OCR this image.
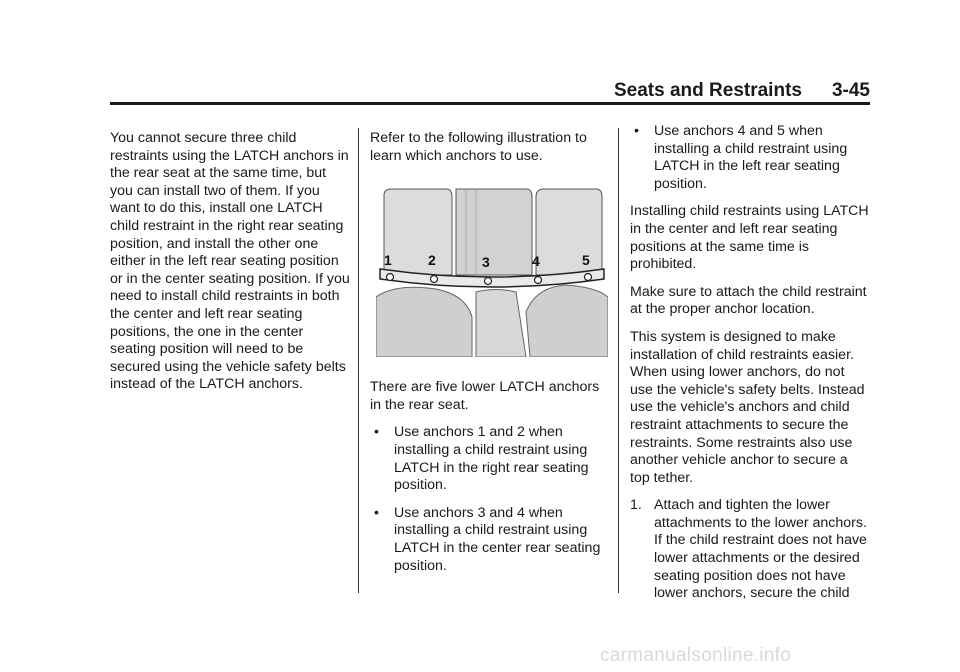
Seats and Restraints 3-45

You cannot secure three child restraints using the LATCH anchors in the rear seat at the same time, but you can install two of them. If you want to do this, install one LATCH child restraint in the right rear seating position, and install the other one either in the left rear seating position or in the center seating position. If you need to install child restraints in both the center and left rear seating positions, the one in the center seating position will need to be secured using the vehicle safety belts instead of the LATCH anchors.

Refer to the following illustration to learn which anchors to use.

1	2	3	4	5

There are five lower LATCH anchors in the rear seat.

• Use anchors 1 and 2 when installing a child restraint using LATCH in the right rear seating position.
• Use anchors 3 and 4 when installing a child restraint using LATCH in the center rear seating position.
• Use anchors 4 and 5 when installing a child restraint using LATCH in the left rear seating position.

Installing child restraints using LATCH in the center and left rear seating positions at the same time is prohibited.

Make sure to attach the child restraint at the proper anchor location.

This system is designed to make installation of child restraints easier. When using lower anchors, do not use the vehicle's safety belts. Instead use the vehicle's anchors and child restraint attachments to secure the restraints. Some restraints also use another vehicle anchor to secure a top tether.

1. Attach and tighten the lower attachments to the lower anchors. If the child restraint does not have lower attachments or the desired seating position does not have lower anchors, secure the child
carmanualsonline.info
